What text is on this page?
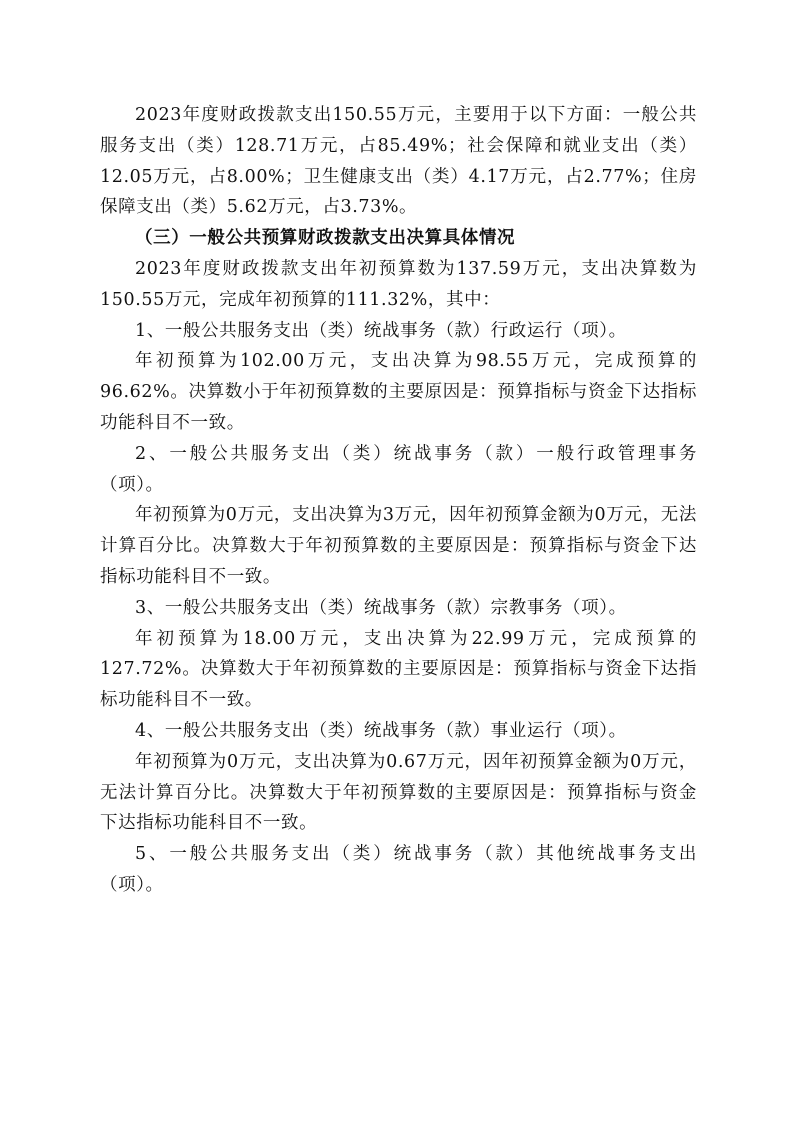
2023年度财政拨款支出150.55万元，主要用于以下方面：一般公共服务支出（类）128.71万元，占85.49%；社会保障和就业支出（类）12.05万元，占8.00%；卫生健康支出（类）4.17万元，占2.77%；住房保障支出（类）5.62万元，占3.73%。

（三）一般公共预算财政拨款支出决算具体情况

2023年度财政拨款支出年初预算数为137.59万元，支出决算数为150.55万元，完成年初预算的111.32%，其中：

1、一般公共服务支出（类）统战事务（款）行政运行（项）。

年初预算为102.00万元，支出决算为98.55万元，完成预算的96.62%。决算数小于年初预算数的主要原因是：预算指标与资金下达指标功能科目不一致。

2、一般公共服务支出（类）统战事务（款）一般行政管理事务（项）。

年初预算为0万元，支出决算为3万元，因年初预算金额为0万元，无法计算百分比。决算数大于年初预算数的主要原因是：预算指标与资金下达指标功能科目不一致。

3、一般公共服务支出（类）统战事务（款）宗教事务（项）。

年初预算为18.00万元，支出决算为22.99万元，完成预算的127.72%。决算数大于年初预算数的主要原因是：预算指标与资金下达指标功能科目不一致。

4、一般公共服务支出（类）统战事务（款）事业运行（项）。

年初预算为0万元，支出决算为0.67万元，因年初预算金额为0万元，无法计算百分比。决算数大于年初预算数的主要原因是：预算指标与资金下达指标功能科目不一致。

5、一般公共服务支出（类）统战事务（款）其他统战事务支出（项）。
